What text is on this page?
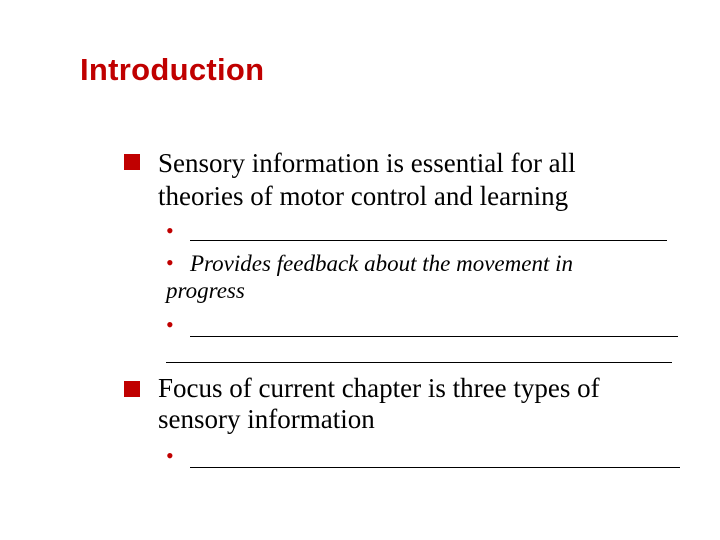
Introduction
Sensory information is essential for all
theories of motor control and learning
•
• Provides feedback about the movement in
progress
•
Focus of current chapter is three types of
sensory information
•
